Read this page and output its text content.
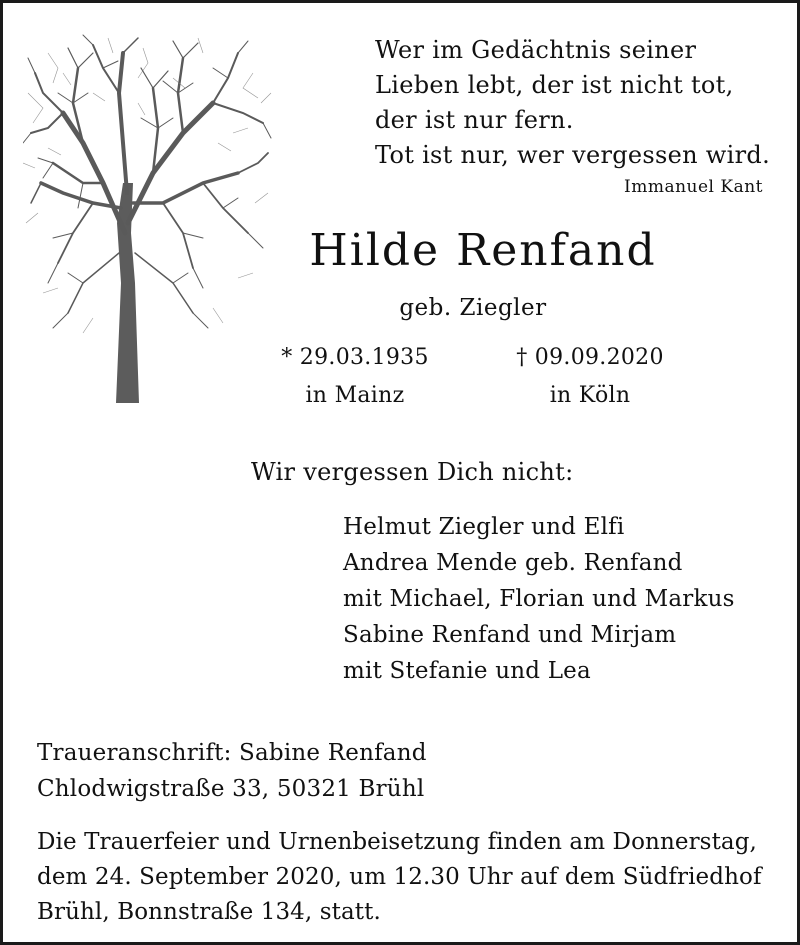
Wer im Gedächtnis seiner
Lieben lebt, der ist nicht tot,
der ist nur fern.
Tot ist nur, wer vergessen wird.
Immanuel Kant
Hilde Renfand
geb. Ziegler
* 29.03.1935
in Mainz
† 09.09.2020
in Köln
Wir vergessen Dich nicht:
Helmut Ziegler und Elfi
Andrea Mende geb. Renfand
mit Michael, Florian und Markus
Sabine Renfand und Mirjam
mit Stefanie und Lea
Traueranschrift: Sabine Renfand
Chlodwigstraße 33, 50321 Brühl
Die Trauerfeier und Urnenbeisetzung finden am Donnerstag,
dem 24. September 2020, um 12.30 Uhr auf dem Südfriedhof
Brühl, Bonnstraße 134, statt.
